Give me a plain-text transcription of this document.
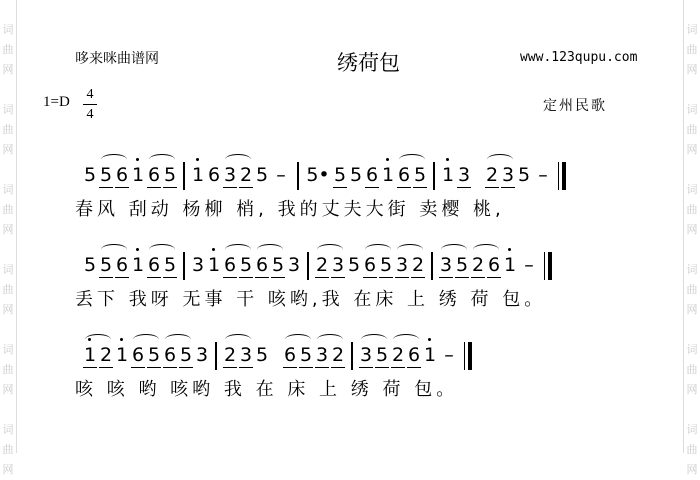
词
曲
网

词
曲
网

词
曲
网

词
曲
网

词
曲
网

词
曲
网
词
曲
网

词
曲
网

词
曲
网

词
曲
网

词
曲
网

词
曲
网
哆来咪曲谱网	绣荷包	www.123qupu.com
1=D 4
4
定州民歌
5 5 6 1 6 5 1 6 3 2 5 – 5• 5 5 6 1 6 5 1 3 2 3 5 –
春风 刮动 杨柳 梢, 我的丈夫大街 卖樱 桃,
5 5 6 1 6 5 3 1 6 5 6 5 3 2 3 5 6 5 3 2 3 5 2 6 1 –
丢下 我呀 无事 干 咳哟,我 在床 上 绣 荷 包。
1 2 1 6 5 6 5 3 2 3 5 6 5 3 2 3 5 2 6 1 –
咳 咳 哟 咳哟 我 在 床 上 绣 荷 包。
